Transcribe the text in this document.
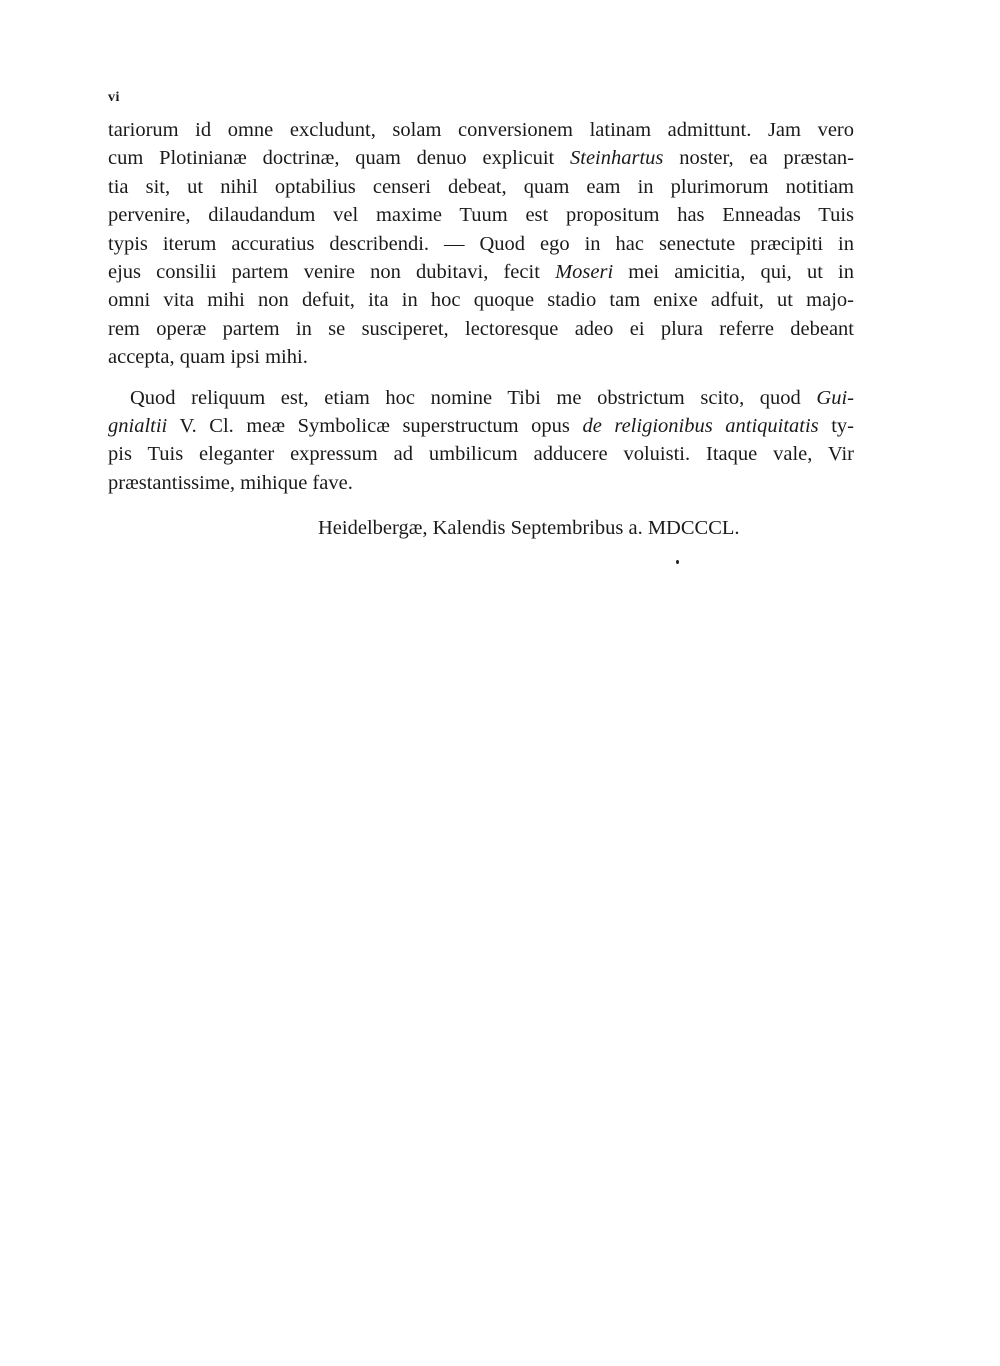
vi

tariorum id omne excludunt, solam conversionem latinam admittunt. Jam vero
cum Plotinianæ doctrinæ, quam denuo explicuit Steinhartus noster, ea præstan-
tia sit, ut nihil optabilius censeri debeat, quam eam in plurimorum notitiam
pervenire, dilaudandum vel maxime Tuum est propositum has Enneadas Tuis
typis iterum accuratius describendi. — Quod ego in hac senectute præcipiti in
ejus consilii partem venire non dubitavi, fecit Moseri mei amicitia, qui, ut in
omni vita mihi non defuit, ita in hoc quoque stadio tam enixe adfuit, ut majo-
rem operæ partem in se susciperet, lectoresque adeo ei plura referre debeant
accepta, quam ipsi mihi.

Quod reliquum est, etiam hoc nomine Tibi me obstrictum scito, quod Gui-
gnialtii V. Cl. meæ Symbolicæ superstructum opus de religionibus antiquitatis ty-
pis Tuis eleganter expressum ad umbilicum adducere voluisti. Itaque vale, Vir
præstantissime, mihique fave.

Heidelbergæ, Kalendis Septembribus a. MDCCCL.
